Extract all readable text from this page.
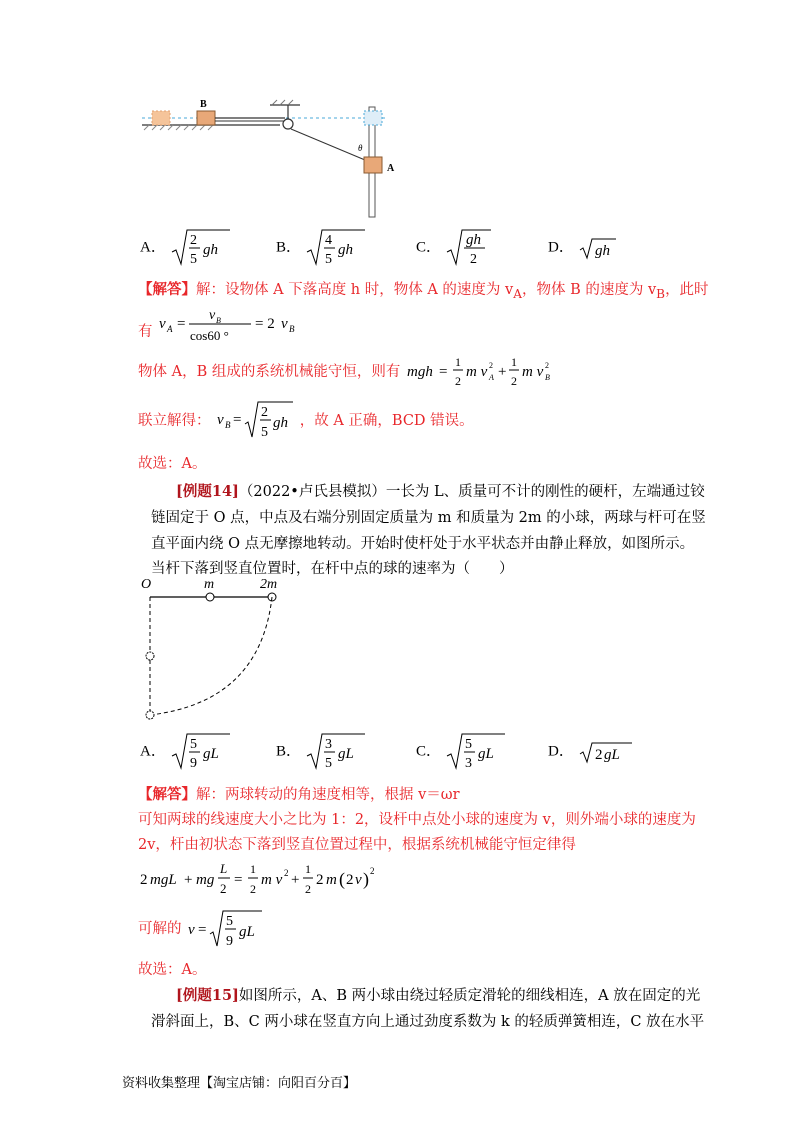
B
A
θ
A． 2
5
gh	B． 4
5
gh	C． gh
2
D． gh
【解答】解：设物体 A 下落高度 h 时，物体 A 的速度为 $v_A$，物体 B 的速度为 $v_B$，此时
有 v A =
v B
cos60 °
= 2 v B
物体 A，B 组成的系统机械能守恒，则有 mgh =
1
2
m v 2
A +
1
2
m v 2
B
联立解得： v B = 2
5
gh ，故 A 正确，BCD 错误。
故选：A。
[例题14]（2022•卢氏县模拟）一长为 L、质量可不计的刚性的硬杆，左端通过铰
链固定于 O 点，中点及右端分别固定质量为 m 和质量为 2m 的小球，两球与杆可在竖
直平面内绕 O 点无摩擦地转动。开始时使杆处于水平状态并由静止释放，如图所示。
当杆下落到竖直位置时，在杆中点的球的速率为（　　）
O	m	2m
A． 5
9
gL	B． 3
5
gL	C． 5
3
gL	D． 2 gL
【解答】解：两球转动的角速度相等，根据 v＝ωr
可知两球的线速度大小之比为 1：2，设杆中点处小球的速度为 v，则外端小球的速度为
2v，杆由初状态下落到竖直位置过程中，根据系统机械能守恒定律得
2 mgL + mg
L
2
=
1
2
m v 2 +
1
2
2 m ( 2 v ) 2
可解的 v =
5
9
gL
故选：A。
[例题15]如图所示，A、B 两小球由绕过轻质定滑轮的细线相连，A 放在固定的光
滑斜面上，B、C 两小球在竖直方向上通过劲度系数为 k 的轻质弹簧相连，C 放在水平
资料收集整理【淘宝店铺：向阳百分百】
